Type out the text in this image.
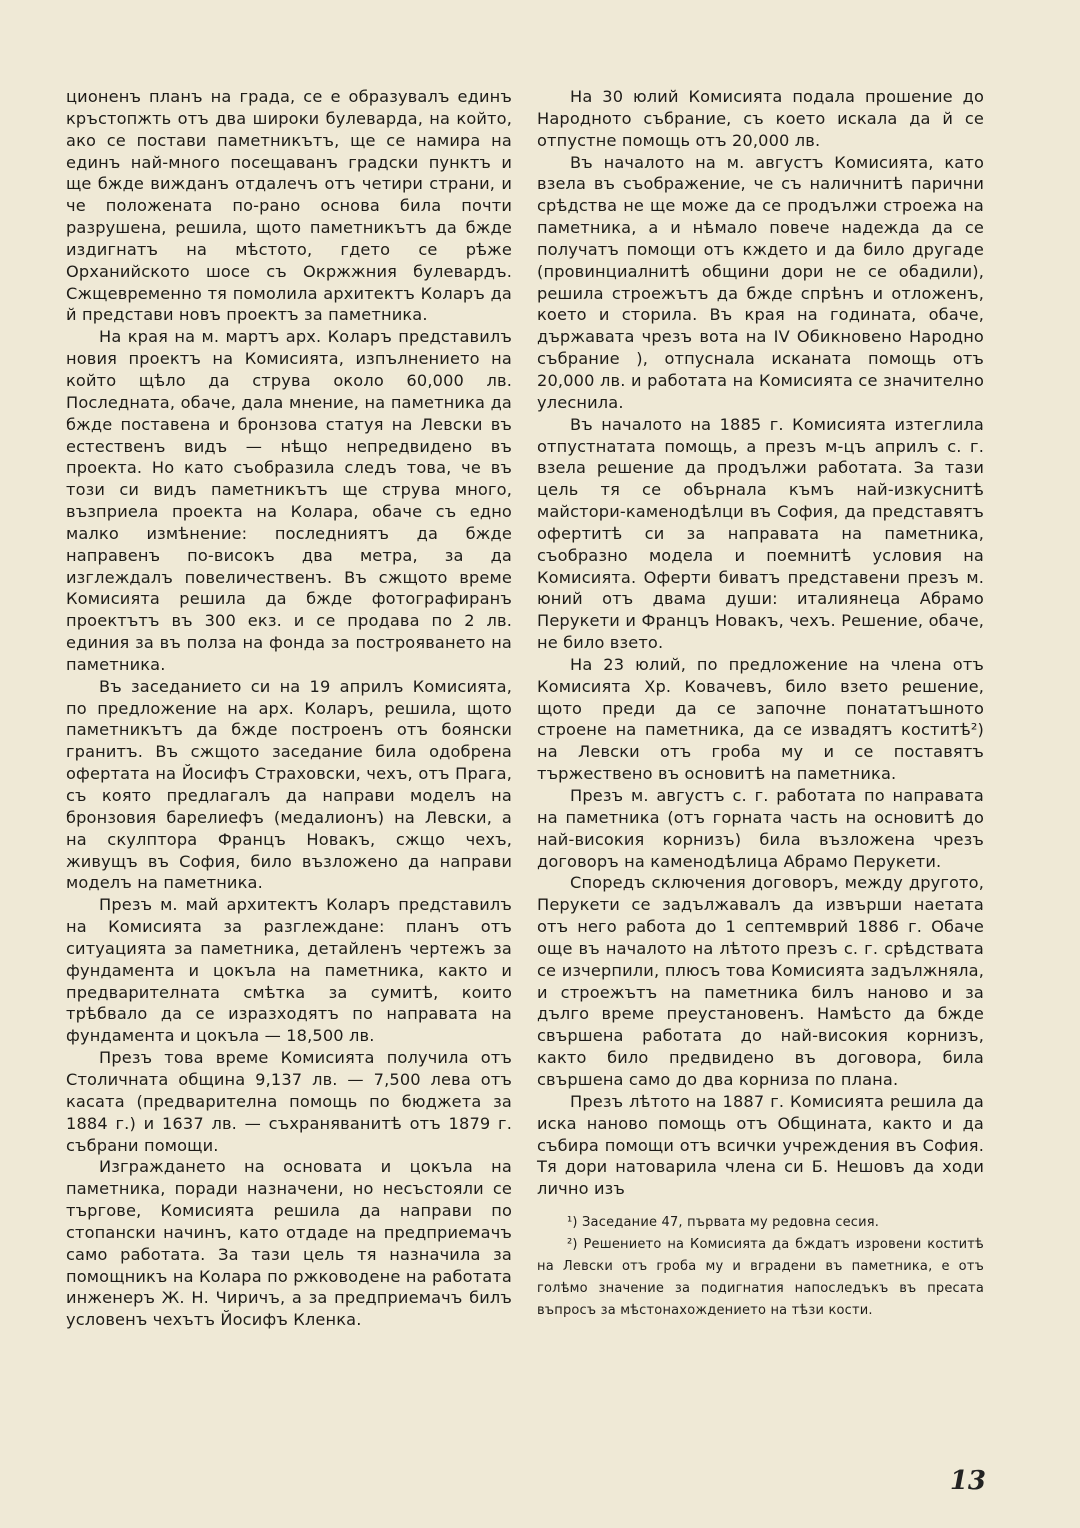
циoненъ планъ на града, се е образувалъ единъ кръстопжть отъ два широки булеварда, на който, ако се постави паметникътъ, ще се намира на единъ най-много посещаванъ градски пунктъ и ще бжде вижданъ отдалечъ отъ четири страни, и че положената по-рано основа била почти разрушена, решила, щото паметникътъ да бжде издигнатъ на мѣстото, гдето се рѣже Орханийското шосе съ Окржжния булевардъ. Сжщевременно тя помолила архитектъ Коларъ да й представи новъ проектъ за паметника.

На края на м. мартъ арх. Коларъ представилъ новия проектъ на Комисията, изпълнението на който щѣло да струва около 60,000 лв. Последната, обаче, дала мнение, на паметника да бжде поставена и бронзова статуя на Левски въ естественъ видъ — нѣщо непредвидено въ проекта. Но като съобразила следъ това, че въ този си видъ паметникътъ ще струва много, възприела проекта на Колара, обаче съ едно малко измѣнение: последниятъ да бжде направенъ по-високъ два метра, за да изглеждалъ повеличественъ. Въ сжщото време Комисията решила да бжде фотографиранъ проектътъ въ 300 екз. и се продава по 2 лв. единия за въ полза на фонда за построяването на паметника.

Въ заседанието си на 19 априлъ Комисията, по предложение на арх. Коларъ, решила, щото паметникътъ да бжде построенъ отъ боянски гранитъ. Въ сжщото заседание била одобрена офертата на Йосифъ Страховски, чехъ, отъ Прага, съ която предлагалъ да направи моделъ на бронзовия барелиефъ (медалионъ) на Левски, а на скулптора Францъ Новакъ, сжщо чехъ, живущъ въ София, било възложено да направи моделъ на паметника.

Презъ м. май архитектъ Коларъ представилъ на Комисията за разглеждане: планъ отъ ситуацията за паметника, детайленъ чертежъ за фундамента и цокъла на паметника, както и предварителната смѣтка за сумитѣ, които трѣбвало да се изразходятъ по направата на фундамента и цокъла — 18,500 лв.

Презъ това време Комисията получила отъ Столичната община 9,137 лв. — 7,500 лева отъ касата (предварителна помощь по бюджета за 1884 г.) и 1637 лв. — съхраняванитѣ отъ 1879 г. събрани помощи.

Изграждането на основата и цокъла на паметника, поради назначени, но несъстояли се търгове, Комисията решила да направи по стопански начинъ, като отдаде на предприемачъ само работата. За тази цель тя назначила за помощникъ на Колара по ржководене на работата инженеръ Ж. Н. Чиричъ, а за предприемачъ билъ условенъ чехътъ Йосифъ Кленка.

На 30 юлий Комисията подала прошение до Народното събрание, съ което искала да й се отпустне помощь отъ 20,000 лв.

Въ началото на м. августъ Комисията, като взела въ съображение, че съ наличнитѣ парични срѣдства не ще може да се продължи строежа на паметника, а и нѣмало повече надежда да се получатъ помощи отъ кждето и да било другаде (провинциалнитѣ общини дори не се обадили), решила строежътъ да бжде спрѣнъ и отложенъ, което и сторила. Въ края на годината, обаче, държавата чрезъ вота на IV Обикновено Народно събрание ), отпуснала исканата помощь отъ 20,000 лв. и работата на Комисията се значително улеснила.

Въ началото на 1885 г. Комисията изтеглила отпустнатата помощь, а презъ м-цъ априлъ с. г. взела решение да продължи работата. За тази цель тя се обърнала къмъ най-изкуснитѣ майстори-каменодѣлци въ София, да представятъ офертитѣ си за направата на паметника, съобразно модела и поемнитѣ условия на Комисията. Оферти биватъ представени презъ м. юний отъ двама души: италиянеца Абрамо Перукети и Францъ Новакъ, чехъ. Решение, обаче, не било взето.

На 23 юлий, по предложение на члена отъ Комисията Хр. Ковачевъ, било взето решение, щото преди да се започне понататъшното строене на паметника, да се извадятъ коститѣ²) на Левски отъ гроба му и се поставятъ тържествено въ основитѣ на паметника.

Презъ м. августъ с. г. работата по направата на паметника (отъ горната часть на основитѣ до най-високия корнизъ) била възложена чрезъ договоръ на каменодѣлица Абрамо Перукети.

Споредъ сключения договоръ, между другото, Перукети се задължавалъ да извърши наетата отъ него работа до 1 септемврий 1886 г. Обаче още въ началото на лѣтото презъ с. г. срѣдствата се изчерпили, плюсъ това Комисията задължняла, и строежътъ на паметника билъ наново и за дълго време преустановенъ. Намѣсто да бжде свършена работата до най-високия корнизъ, както било предвидено въ договора, била свършена само до два корниза по плана.

Презъ лѣтото на 1887 г. Комисията решила да иска наново помощь отъ Общината, както и да събира помощи отъ всички учреждения въ София. Тя дори натоварила члена си Б. Нешовъ да ходи лично изъ

¹) Заседание 47, първата му редовна сесия.

²) Решението на Комисията да бждатъ изровени коститѣ на Левски отъ гроба му и вградени въ паметника, е отъ голѣмо значение за подигнатия напоследъкъ въ пресата въпросъ за мѣстонахождението на тѣзи кости.

13
